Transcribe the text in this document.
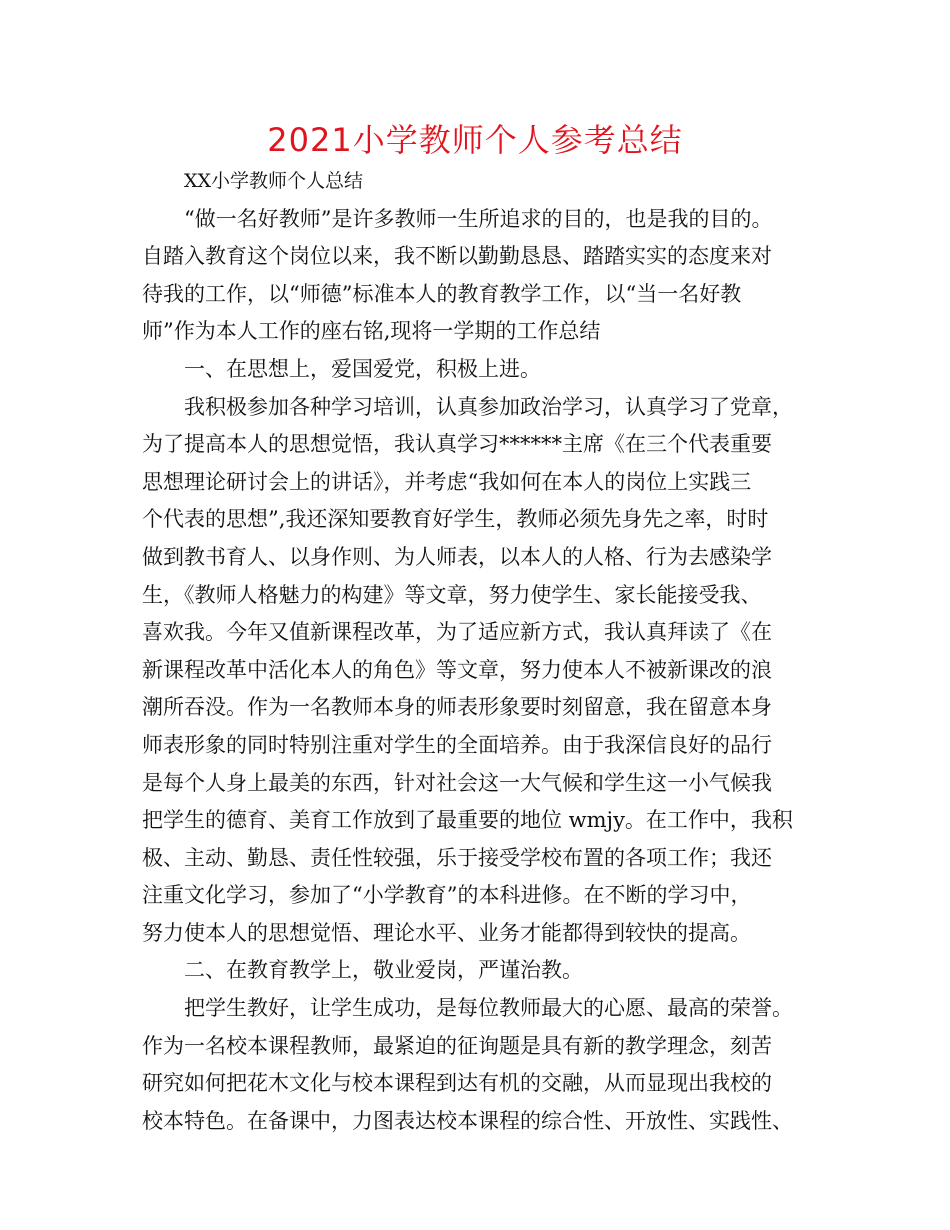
2021小学教师个人参考总结
XX小学教师个人总结
“做一名好教师”是许多教师一生所追求的目的，也是我的目的。
自踏入教育这个岗位以来，我不断以勤勤恳恳、踏踏实实的态度来对
待我的工作，以“师德”标准本人的教育教学工作，以“当一名好教
师”作为本人工作的座右铭,现将一学期的工作总结
一、在思想上，爱国爱党，积极上进。
我积极参加各种学习培训，认真参加政治学习，认真学习了党章，
为了提高本人的思想觉悟，我认真学习******主席《在三个代表重要
思想理论研讨会上的讲话》，并考虑“我如何在本人的岗位上实践三
个代表的思想”,我还深知要教育好学生，教师必须先身先之率，时时
做到教书育人、以身作则、为人师表，以本人的人格、行为去感染学
生，《教师人格魅力的构建》等文章，努力使学生、家长能接受我、
喜欢我。今年又值新课程改革，为了适应新方式，我认真拜读了《在
新课程改革中活化本人的角色》等文章，努力使本人不被新课改的浪
潮所吞没。作为一名教师本身的师表形象要时刻留意，我在留意本身
师表形象的同时特别注重对学生的全面培养。由于我深信良好的品行
是每个人身上最美的东西，针对社会这一大气候和学生这一小气候我
把学生的德育、美育工作放到了最重要的地位 wmjy。在工作中，我积
极、主动、勤恳、责任性较强，乐于接受学校布置的各项工作；我还
注重文化学习，参加了“小学教育”的本科进修。在不断的学习中，
努力使本人的思想觉悟、理论水平、业务才能都得到较快的提高。
二、在教育教学上，敬业爱岗，严谨治教。
把学生教好，让学生成功，是每位教师最大的心愿、最高的荣誉。
作为一名校本课程教师，最紧迫的征询题是具有新的教学理念，刻苦
研究如何把花木文化与校本课程到达有机的交融，从而显现出我校的
校本特色。在备课中，力图表达校本课程的综合性、开放性、实践性、
